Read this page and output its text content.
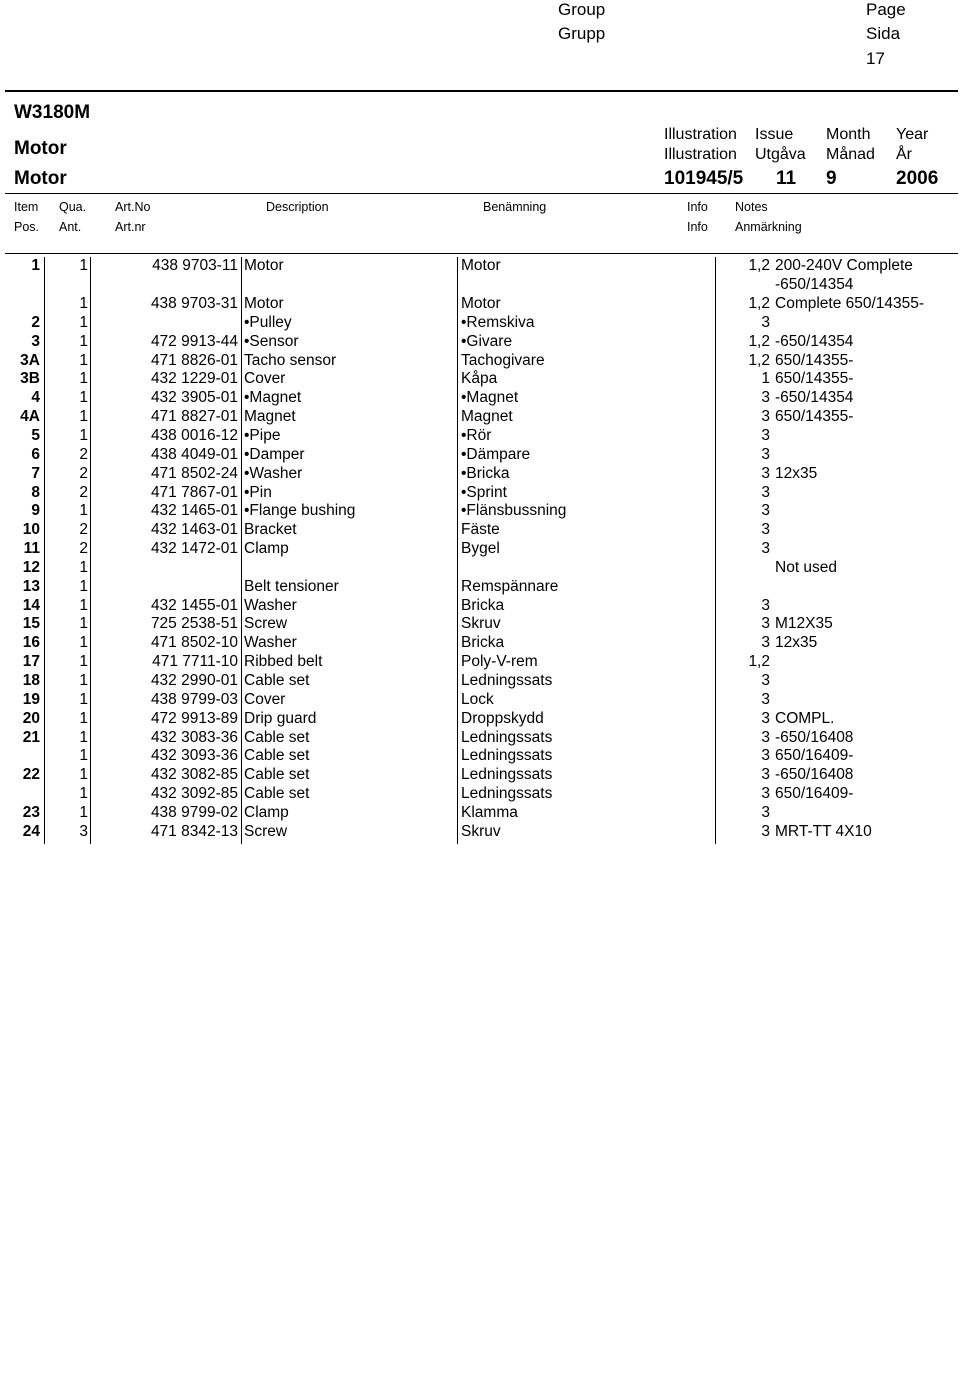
Group
Grupp
Page
Sida
17
W3180M
Motor
Motor
Illustration
Illustration
Issue
Utgåva
Month
Månad
Year
År
101945/5 11 9	2006
Item
Pos.
Qua.
Ant.
Art.No
Art.nr
Description	Benämning	Info
Info
Notes
Anmärkning
1	1	438 9703-11	Motor	Motor	1,2	200-240V Complete
						-650/14354
	1	438 9703-31	Motor	Motor	1,2	Complete 650/14355-
2	1		•Pulley	•Remskiva	3	
3	1	472 9913-44	•Sensor	•Givare	1,2	-650/14354
3A	1	471 8826-01	Tacho sensor	Tachogivare	1,2	650/14355-
3B	1	432 1229-01	Cover	Kåpa	1	650/14355-
4	1	432 3905-01	•Magnet	•Magnet	3	-650/14354
4A	1	471 8827-01	Magnet	Magnet	3	650/14355-
5	1	438 0016-12	•Pipe	•Rör	3	
6	2	438 4049-01	•Damper	•Dämpare	3	
7	2	471 8502-24	•Washer	•Bricka	3	12x35
8	2	471 7867-01	•Pin	•Sprint	3	
9	1	432 1465-01	•Flange bushing	•Flänsbussning	3	
10	2	432 1463-01	Bracket	Fäste	3	
11	2	432 1472-01	Clamp	Bygel	3	
12	1					Not used
13	1		Belt tensioner	Remspännare		
14	1	432 1455-01	Washer	Bricka	3	
15	1	725 2538-51	Screw	Skruv	3	M12X35
16	1	471 8502-10	Washer	Bricka	3	12x35
17	1	471 7711-10	Ribbed belt	Poly-V-rem	1,2	
18	1	432 2990-01	Cable set	Ledningssats	3	
19	1	438 9799-03	Cover	Lock	3	
20	1	472 9913-89	Drip guard	Droppskydd	3	COMPL.
21	1	432 3083-36	Cable set	Ledningssats	3	-650/16408
	1	432 3093-36	Cable set	Ledningssats	3	650/16409-
22	1	432 3082-85	Cable set	Ledningssats	3	-650/16408
	1	432 3092-85	Cable set	Ledningssats	3	650/16409-
23	1	438 9799-02	Clamp	Klamma	3	
24	3	471 8342-13	Screw	Skruv	3	MRT-TT 4X10
